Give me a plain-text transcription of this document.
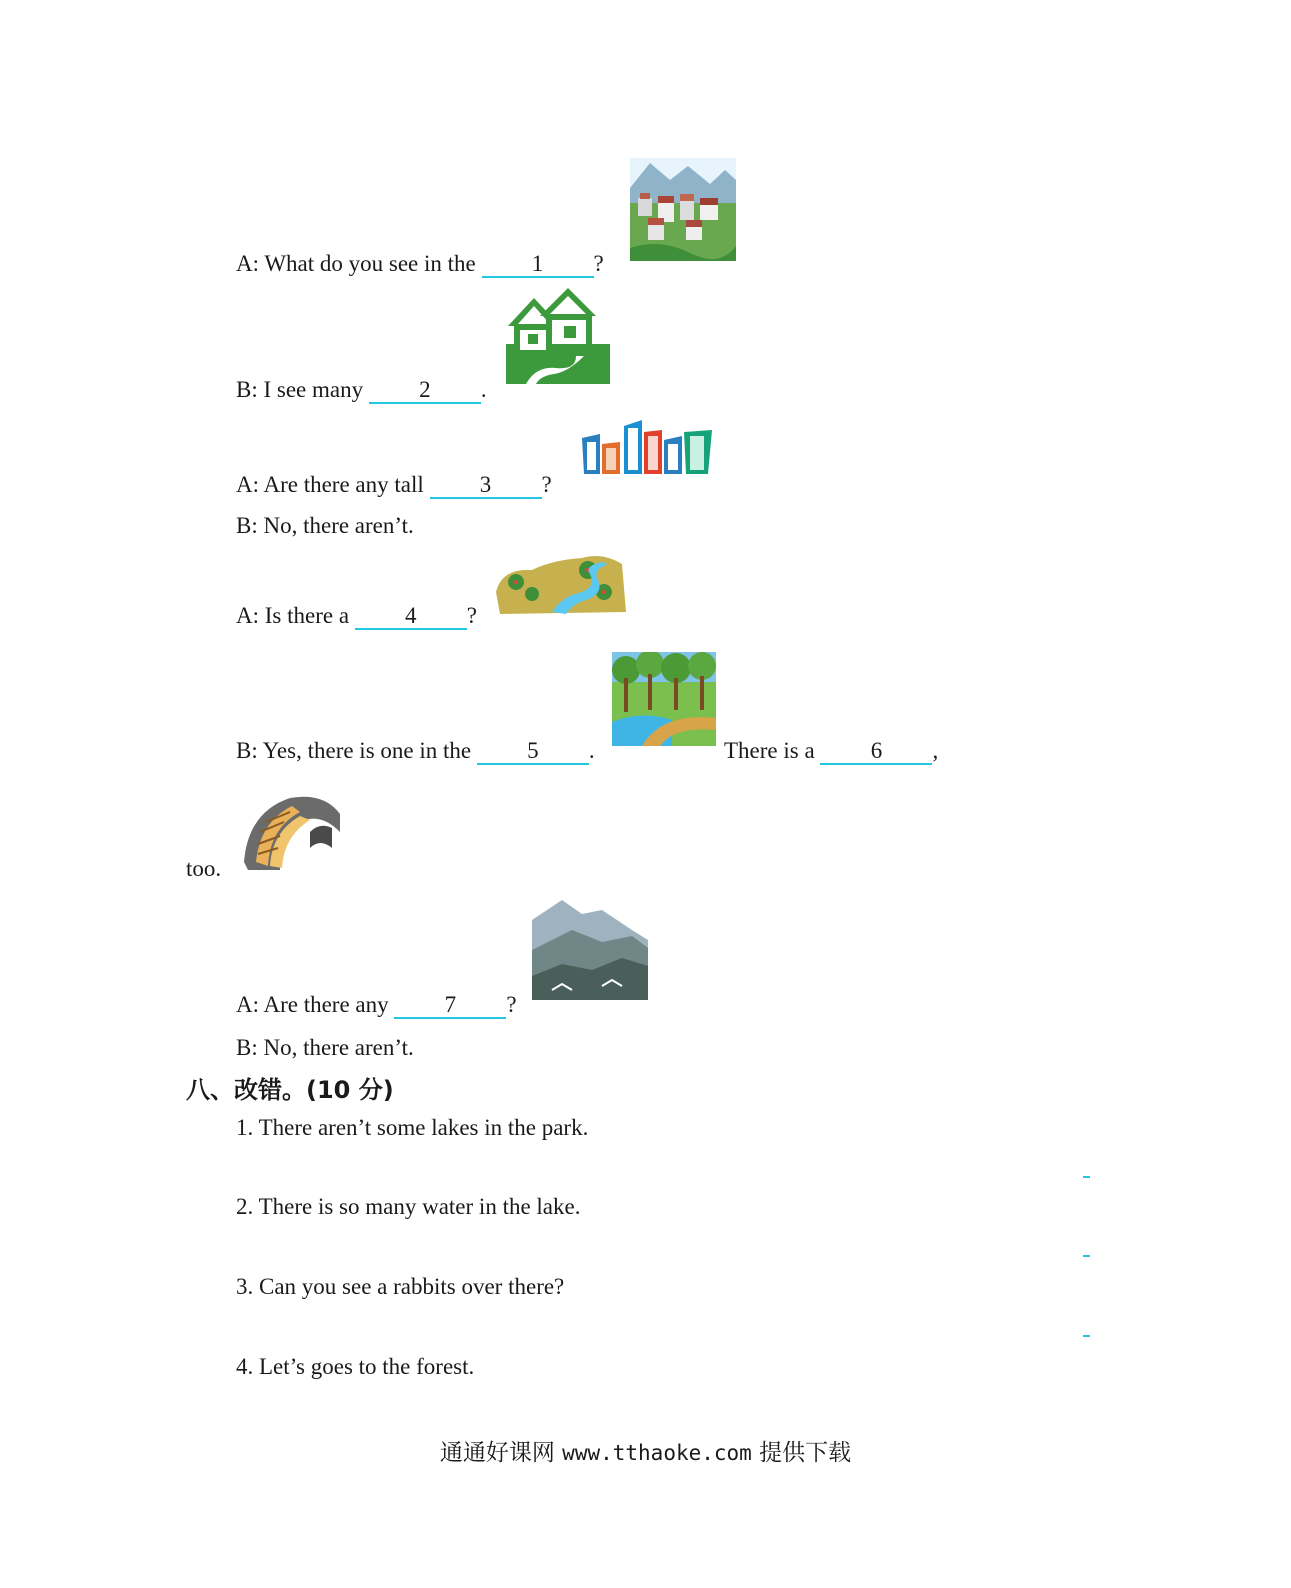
A: What do you see in the 1 ?
B: I see many 2 .
A: Are there any tall 3 ?
B: No, there aren’t.
A: Is there a 4 ?
B: Yes, there is one in the 5 .	There is a 6 ,
too.
A: Are there any 7 ?
B: No, there aren’t.
八、改错。(10 分)
1. There aren’t some lakes in the park.
2. There is so many water in the lake.
3. Can you see a rabbits over there?
4. Let’s goes to the forest.
通通好课网 www.tthaoke.com 提供下载
